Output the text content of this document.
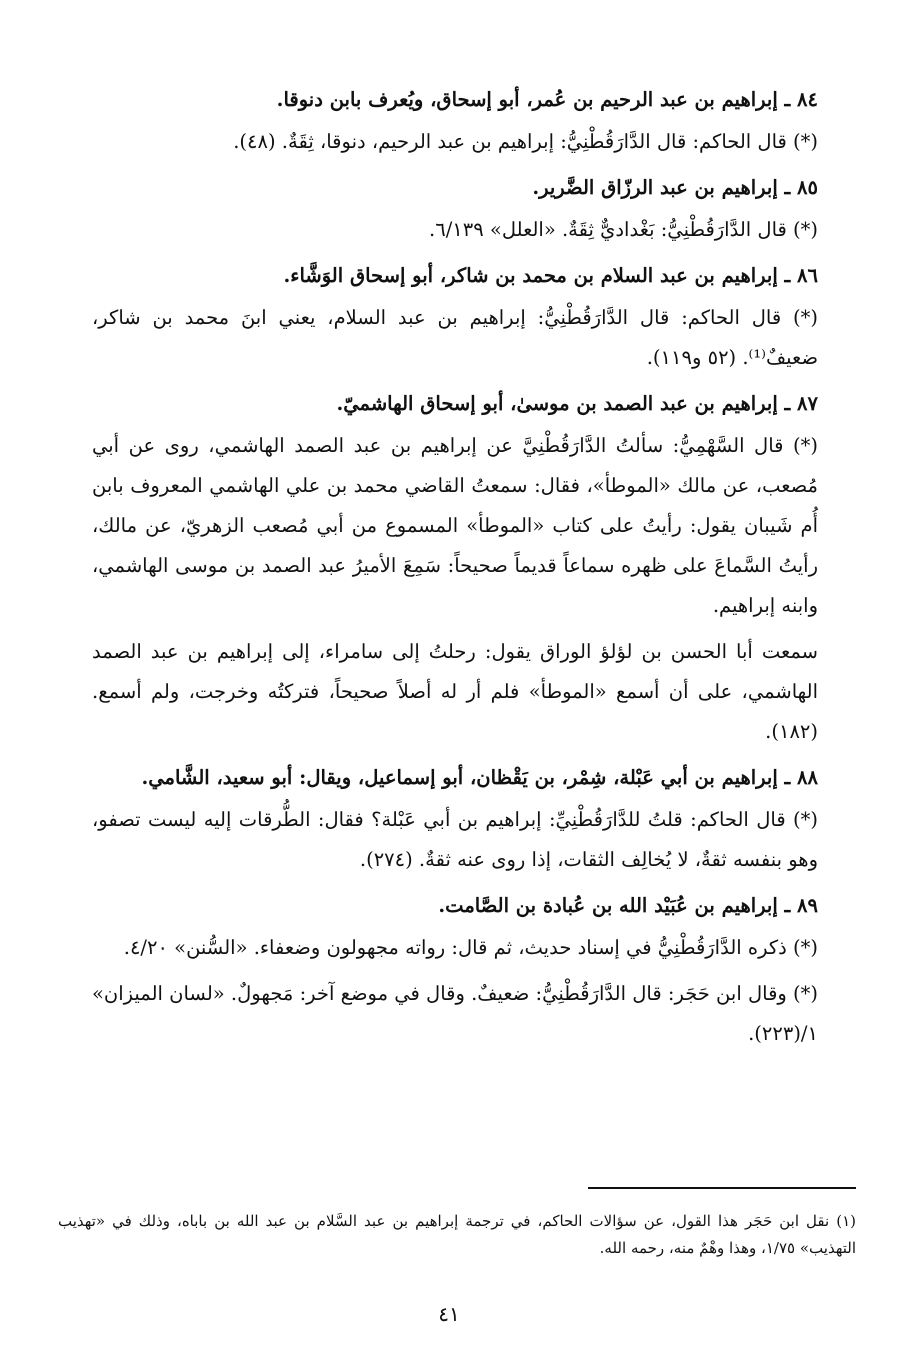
٨٤ ـ إبراهيم بن عبد الرحيم بن عُمر، أبو إسحاق، ويُعرف بابن دنوقا.

(*) قال الحاكم: قال الدَّارَقُطْنِيُّ: إبراهيم بن عبد الرحيم، دنوقا، ثِقَةٌ. (٤٨).

٨٥ ـ إبراهيم بن عبد الرزّاق الضَّرير.

(*) قال الدَّارَقُطْنِيُّ: بَغْداديٌّ ثِقَةٌ. «العلل» ٦/١٣٩.

٨٦ ـ إبراهيم بن عبد السلام بن محمد بن شاكر، أبو إسحاق الوَشَّاء.

(*) قال الحاكم: قال الدَّارَقُطْنِيُّ: إبراهيم بن عبد السلام، يعني ابنَ محمد بن شاكر، ضعيفٌ⁽¹⁾. (٥٢ و١١٩).

٨٧ ـ إبراهيم بن عبد الصمد بن موسىٰ، أبو إسحاق الهاشميّ.

(*) قال السَّهْمِيُّ: سألتُ الدَّارَقُطْنِيَّ عن إبراهيم بن عبد الصمد الهاشمي، روى عن أبي مُصعب، عن مالك «الموطأ»، فقال: سمعتُ القاضي محمد بن علي الهاشمي المعروف بابن أُم شَيبان يقول: رأيتُ على كتاب «الموطأ» المسموع من أبي مُصعب الزهريّ، عن مالك، رأيتُ السَّماعَ على ظهره سماعاً قديماً صحيحاً: سَمِعَ الأميرُ عبد الصمد بن موسى الهاشمي، وابنه إبراهيم.

سمعت أبا الحسن بن لؤلؤ الوراق يقول: رحلتُ إلى سامراء، إلى إبراهيم بن عبد الصمد الهاشمي، على أن أسمع «الموطأ» فلم أر له أصلاً صحيحاً، فتركتُه وخرجت، ولم أسمع. (١٨٢).

٨٨ ـ إبراهيم بن أبي عَبْلة، شِمْر، بن يَقْظان، أبو إسماعيل، ويقال: أبو سعيد، الشَّامي.

(*) قال الحاكم: قلتُ للدَّارَقُطْنِيِّ: إبراهيم بن أبي عَبْلة؟ فقال: الطُّرقات إليه ليست تصفو، وهو بنفسه ثقةٌ، لا يُخالِف الثقات، إذا روى عنه ثقةٌ. (٢٧٤).

٨٩ ـ إبراهيم بن عُبَيْد الله بن عُبادة بن الصَّامت.

(*) ذكره الدَّارَقُطْنِيُّ في إسناد حديث، ثم قال: رواته مجهولون وضعفاء. «السُّنن» ٤/٢٠.

(*) وقال ابن حَجَر: قال الدَّارَقُطْنِيُّ: ضعيفٌ. وقال في موضع آخر: مَجهولٌ. «لسان الميزان» ١/(٢٢٣).

(١) نقل ابن حَجَر هذا القول، عن سؤالات الحاكم، في ترجمة إبراهيم بن عبد السَّلام بن عبد الله بن باباه، وذلك في «تهذيب التهذيب» ١/٧٥، وهذا وهْمٌ منه، رحمه الله.
٤١
